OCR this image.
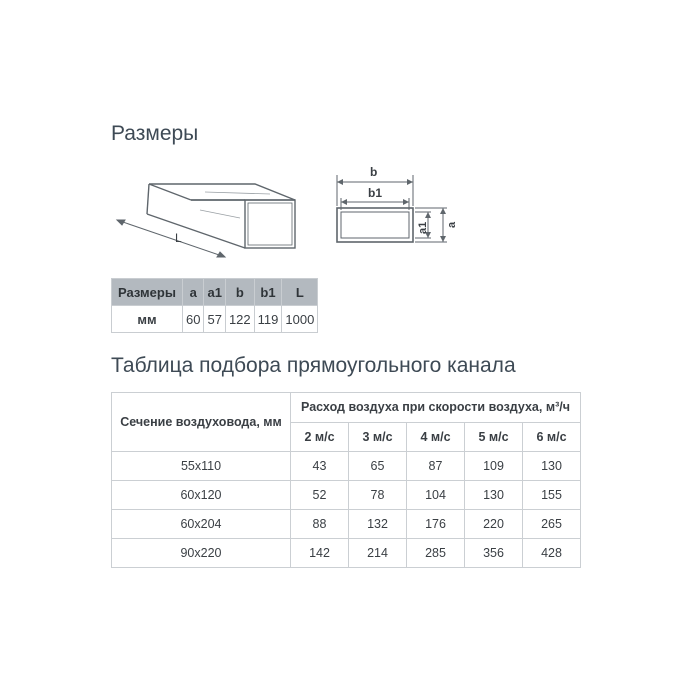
Размеры
L
b
b1
a1 a
Размеры	a	a1	b	b1	L
мм	60	57	122	119	1000
Таблица подбора прямоугольного канала
Сечение воздуховода, мм	Расход воздуха при скорости воздуха, м³/ч				
	2 м/с	3 м/с	4 м/с	5 м/с	6 м/с
55x110	43	65	87	109	130
60x120	52	78	104	130	155
60x204	88	132	176	220	265
90x220	142	214	285	356	428
